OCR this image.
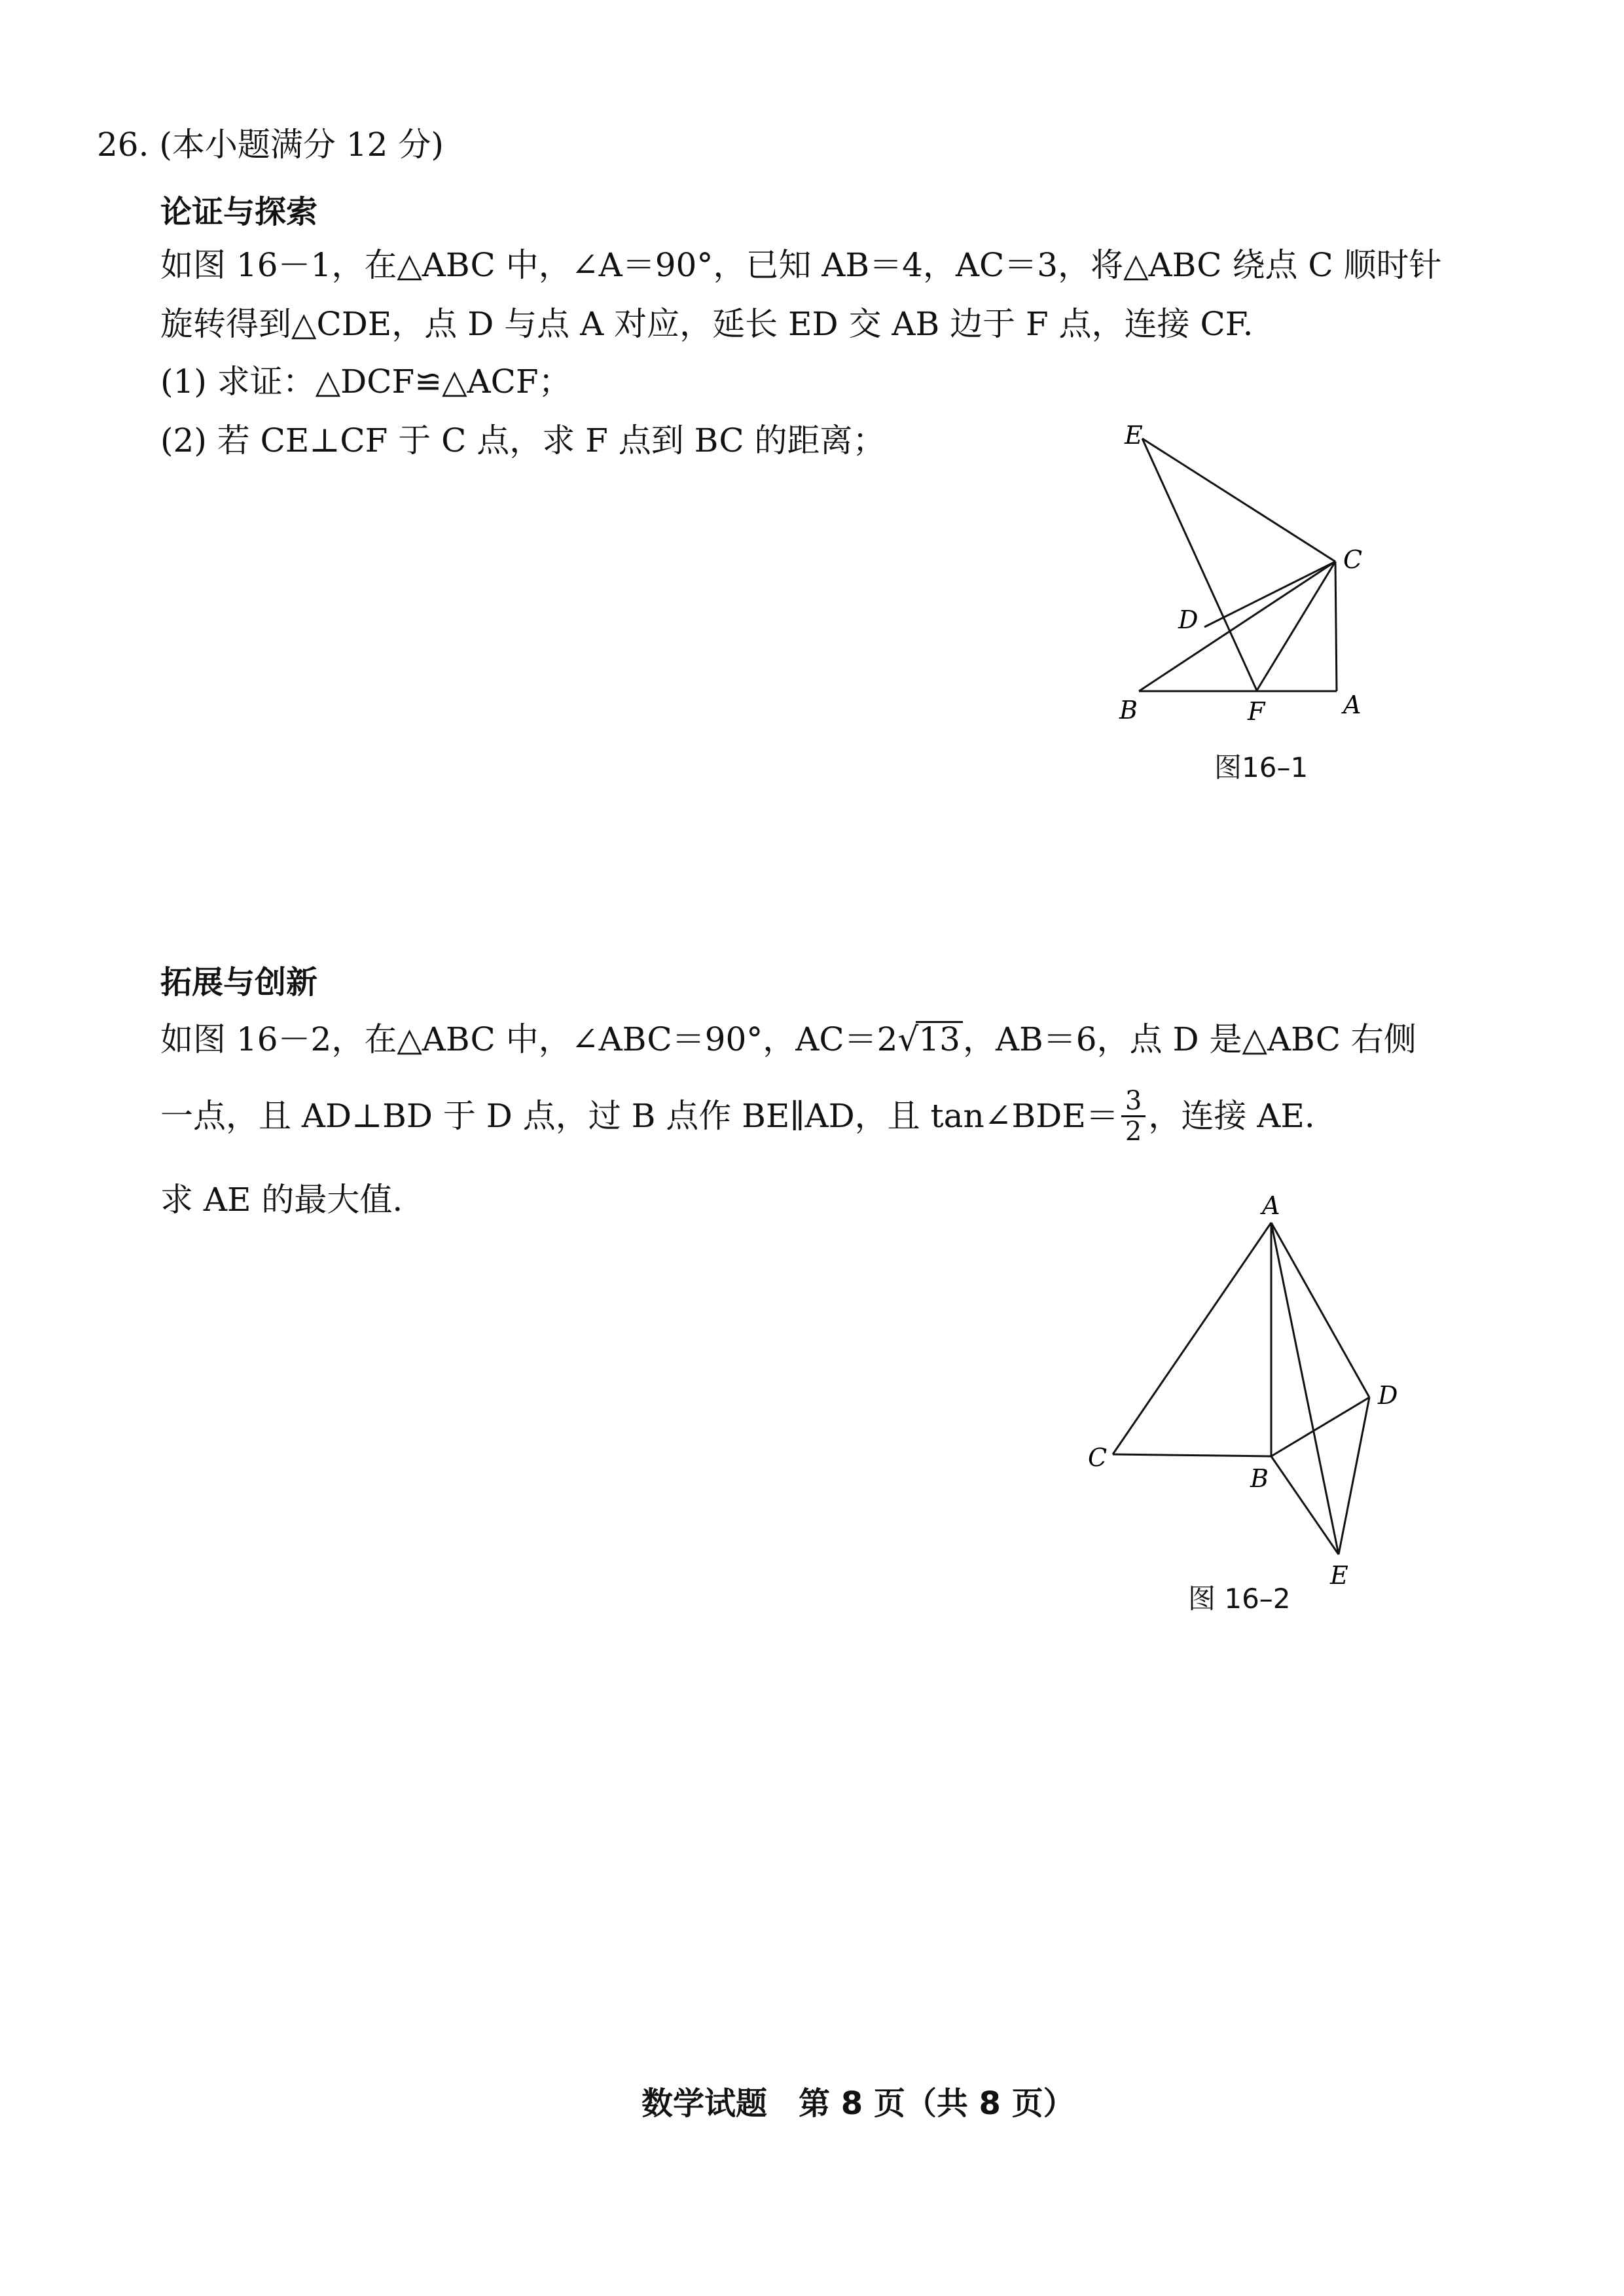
26. (本小题满分 12 分)
论证与探索
如图 16－1，在△ABC 中，∠A＝90°，已知 AB＝4，AC＝3，将△ABC 绕点 C 顺时针
旋转得到△CDE，点 D 与点 A 对应，延长 ED 交 AB 边于 F 点，连接 CF.
(1) 求证：△DCF≌△ACF；
(2) 若 CE⊥CF 于 C 点，求 F 点到 BC 的距离；	E
C
D
B	F	A
图16–1
拓展与创新
如图 16－2，在△ABC 中，∠ABC＝90°，AC＝2√13，AB＝6，点 D 是△ABC 右侧
一点，且 AD⊥BD 于 D 点，过 B 点作 BE∥AD，且 tan∠BDE＝ $\frac{3}{2}$ ，连接 AE.
求 AE 的最大值.	A
D
C
B
E
图 16–2
数学试题　第 8 页（共 8 页）
